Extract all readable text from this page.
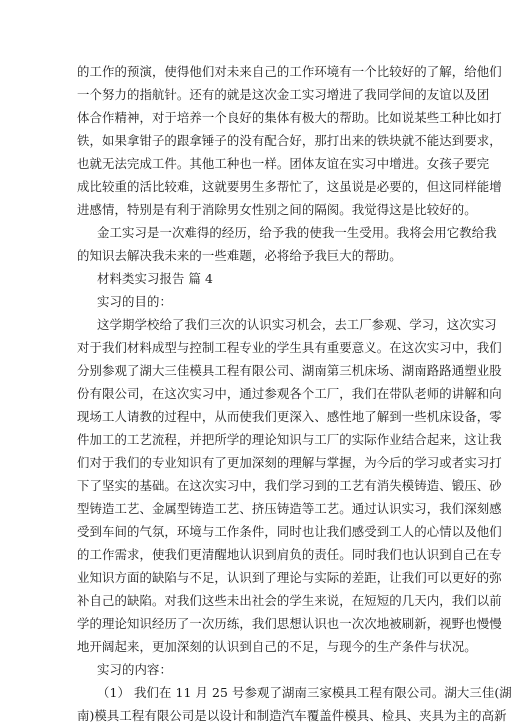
的工作的预演，使得他们对未来自己的工作环境有一个比较好的了解，给他们
一个努力的指航针。还有的就是这次金工实习增进了我同学间的友谊以及团
体合作精神，对于培养一个良好的集体有极大的帮助。比如说某些工种比如打
铁，如果拿钳子的跟拿锤子的没有配合好，那打出来的铁块就不能达到要求，
也就无法完成工件。其他工种也一样。团体友谊在实习中增进。女孩子要完
成比较重的活比较难，这就要男生多帮忙了，这虽说是必要的，但这同样能增
进感情，特别是有利于消除男女性别之间的隔阂。我觉得这是比较好的。
金工实习是一次难得的经历，给予我的使我一生受用。我将会用它教给我
的知识去解决我未来的一些难题，必将给予我巨大的帮助。
材料类实习报告 篇 4
实习的目的：
这学期学校给了我们三次的认识实习机会，去工厂参观、学习，这次实习
对于我们材料成型与控制工程专业的学生具有重要意义。在这次实习中，我们
分别参观了湖大三佳模具工程有限公司、湖南第三机床场、湖南路路通塑业股
份有限公司，在这次实习中，通过参观各个工厂，我们在带队老师的讲解和向
现场工人请教的过程中，从而使我们更深入、感性地了解到一些机床设备，零
件加工的工艺流程，并把所学的理论知识与工厂的实际作业结合起来，这让我
们对于我们的专业知识有了更加深刻的理解与掌握，为今后的学习或者实习打
下了坚实的基础。在这次实习中，我们学习到的工艺有消失模铸造、锻压、砂
型铸造工艺、金属型铸造工艺、挤压铸造等工艺。通过认识实习，我们深刻感
受到车间的气氛，环境与工作条件，同时也让我们感受到工人的心情以及他们
的工作需求，使我们更清醒地认识到肩负的责任。同时我们也认识到自己在专
业知识方面的缺陷与不足，认识到了理论与实际的差距，让我们可以更好的弥
补自己的缺陷。对我们这些未出社会的学生来说，在短短的几天内，我们以前
学的理论知识经历了一次历练，我们思想认识也一次次地被刷新，视野也慢慢
地开阔起来，更加深刻的认识到自己的不足，与现今的生产条件与状况。
实习的内容：
（1） 我们在 11 月 25 号参观了湖南三家模具工程有限公司。湖大三佳(湖
南)模具工程有限公司是以设计和制造汽车覆盖件模具、检具、夹具为主的高新
